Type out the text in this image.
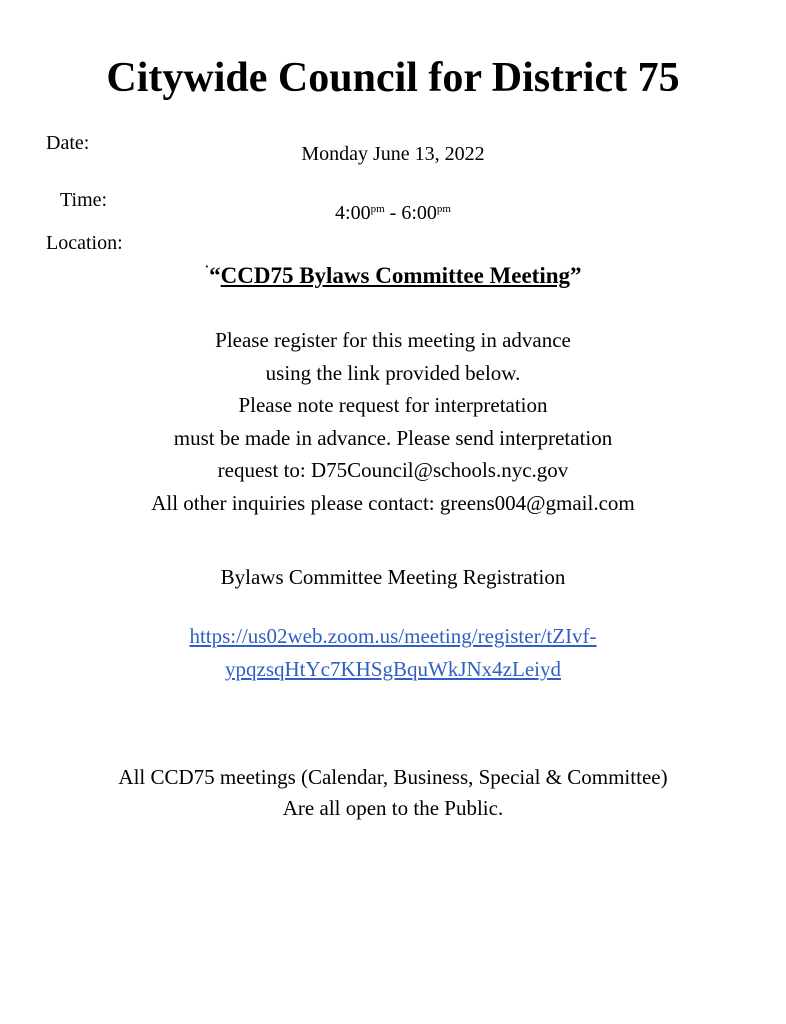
Citywide Council for District 75
Date:	Monday June 13, 2022
Time:
$4:00^{pm}$ - $6:00^{pm}$
Location:
˙“CCD75 Bylaws Committee Meeting”
Please register for this meeting in advance
using the link provided below.
Please note request for interpretation
must be made in advance. Please send interpretation
request to: D75Council@schools.nyc.gov
All other inquiries please contact: greens004@gmail.com
Bylaws Committee Meeting Registration
https://us02web.zoom.us/meeting/register/tZIvf-
ypqzsqHtYc7KHSgBquWkJNx4zLeiyd
All CCD75 meetings (Calendar, Business, Special & Committee)
Are all open to the Public.
